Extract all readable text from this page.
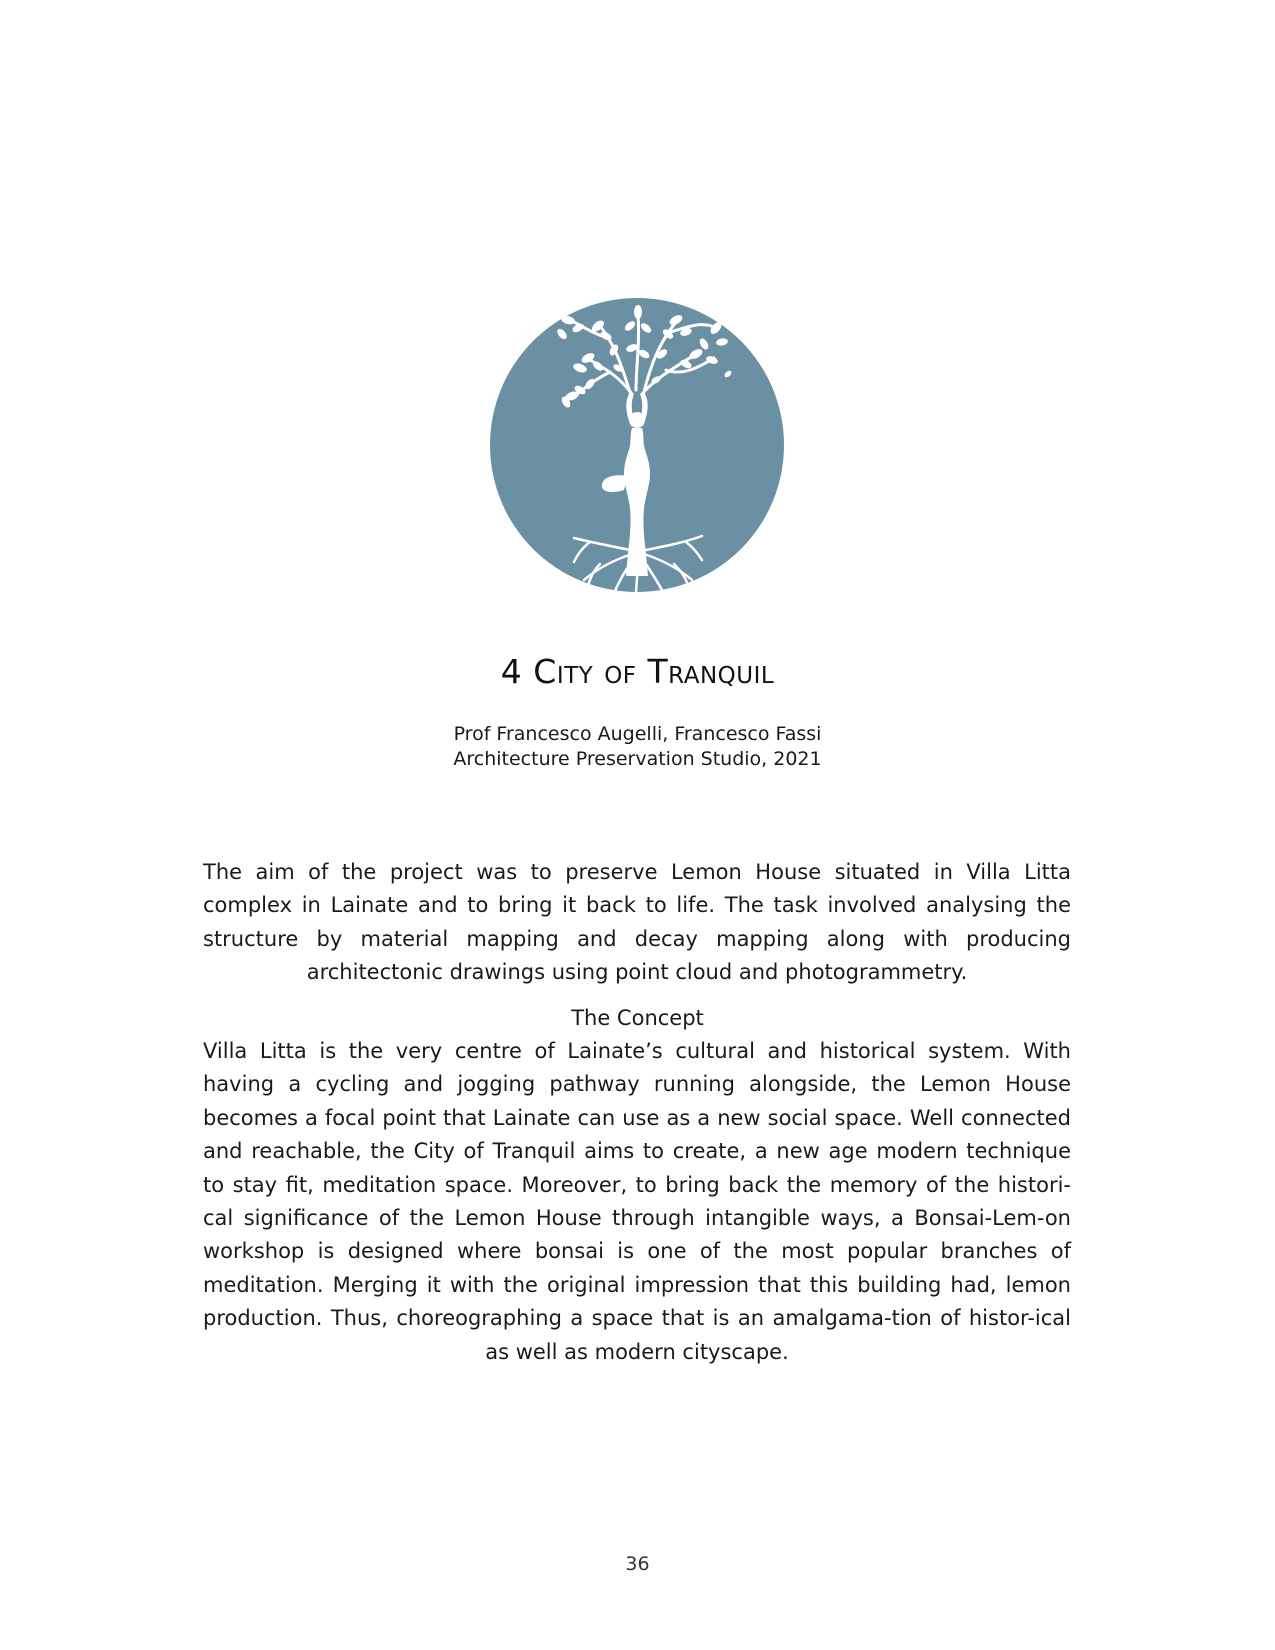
4 City of Tranquil
Prof Francesco Augelli, Francesco Fassi
Architecture Preservation Studio, 2021
The aim of the project was to preserve Lemon House situated in Villa Litta complex in Lainate and to bring it back to life. The task involved analysing the structure by material mapping and decay mapping along with producing architectonic drawings using point cloud and photogrammetry.
The Concept
Villa Litta is the very centre of Lainate’s cultural and historical system. With having a cycling and jogging pathway running alongside, the Lemon House becomes a focal point that Lainate can use as a new social space. Well connected and reachable, the City of Tranquil aims to create, a new age modern technique to stay fit, meditation space. Moreover, to bring back the memory of the histori-cal significance of the Lemon House through intangible ways, a Bonsai-Lem-on workshop is designed where bonsai is one of the most popular branches of meditation. Merging it with the original impression that this building had, lemon production. Thus, choreographing a space that is an amalgama-tion of histor-ical as well as modern cityscape.
36
